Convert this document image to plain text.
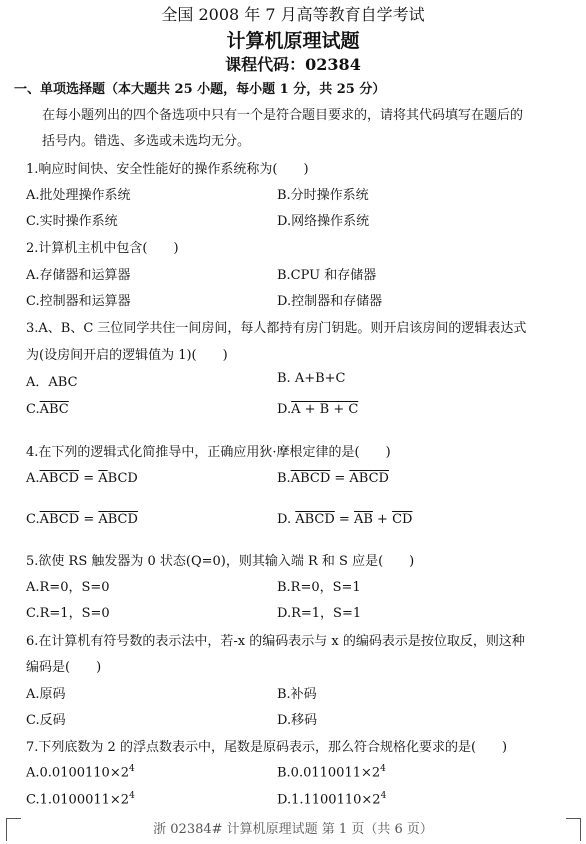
全国 2008 年 7 月高等教育自学考试
计算机原理试题
课程代码：02384
一、单项选择题（本大题共 25 小题，每小题 1 分，共 25 分）
在每小题列出的四个备选项中只有一个是符合题目要求的，请将其代码填写在题后的
括号内。错选、多选或未选均无分。
1.响应时间快、安全性能好的操作系统称为(　　)
A.批处理操作系统	B.分时操作系统
C.实时操作系统	D.网络操作系统
2.计算机主机中包含(　　)
A.存储器和运算器	B.CPU 和存储器
C.控制器和运算器	D.控制器和存储器
3.A、B、C 三位同学共住一间房间，每人都持有房门钥匙。则开启该房间的逻辑表达式
为(设房间开启的逻辑值为 1)(　　)
A．ABC	B. A+B+C
$C.\overline{ABC}$	D.A + B + C
4.在下列的逻辑式化简推导中，正确应用狄·摩根定律的是(　　)
A.ABCD = $\overline{A}BCD$	B.ABCD = $\overline{AB}\overline{CD}$
C.ABCD = $\overline{A}\overline{BCD}$	D. ABCD = $\overline{AB} + \overline{CD}$
5.欲使 RS 触发器为 0 状态(Q=0)，则其输入端 R 和 S 应是(　　)
A.R=0，S=0	B.R=0，S=1
C.R=1，S=0	D.R=1，S=1
6.在计算机有符号数的表示法中，若-x 的编码表示与 x 的编码表示是按位取反，则这种
编码是(　　)
A.原码	B.补码
C.反码	D.移码
7.下列底数为 2 的浮点数表示中，尾数是原码表示，那么符合规格化要求的是(　　)
$A.0.0100110\times 2^4$	$B.0.0110011\times 2^4$
$C.1.0100011\times 2^4$	$D.1.1100110\times 2^4$
浙 02384# 计算机原理试题 第 1 页（共 6 页）
